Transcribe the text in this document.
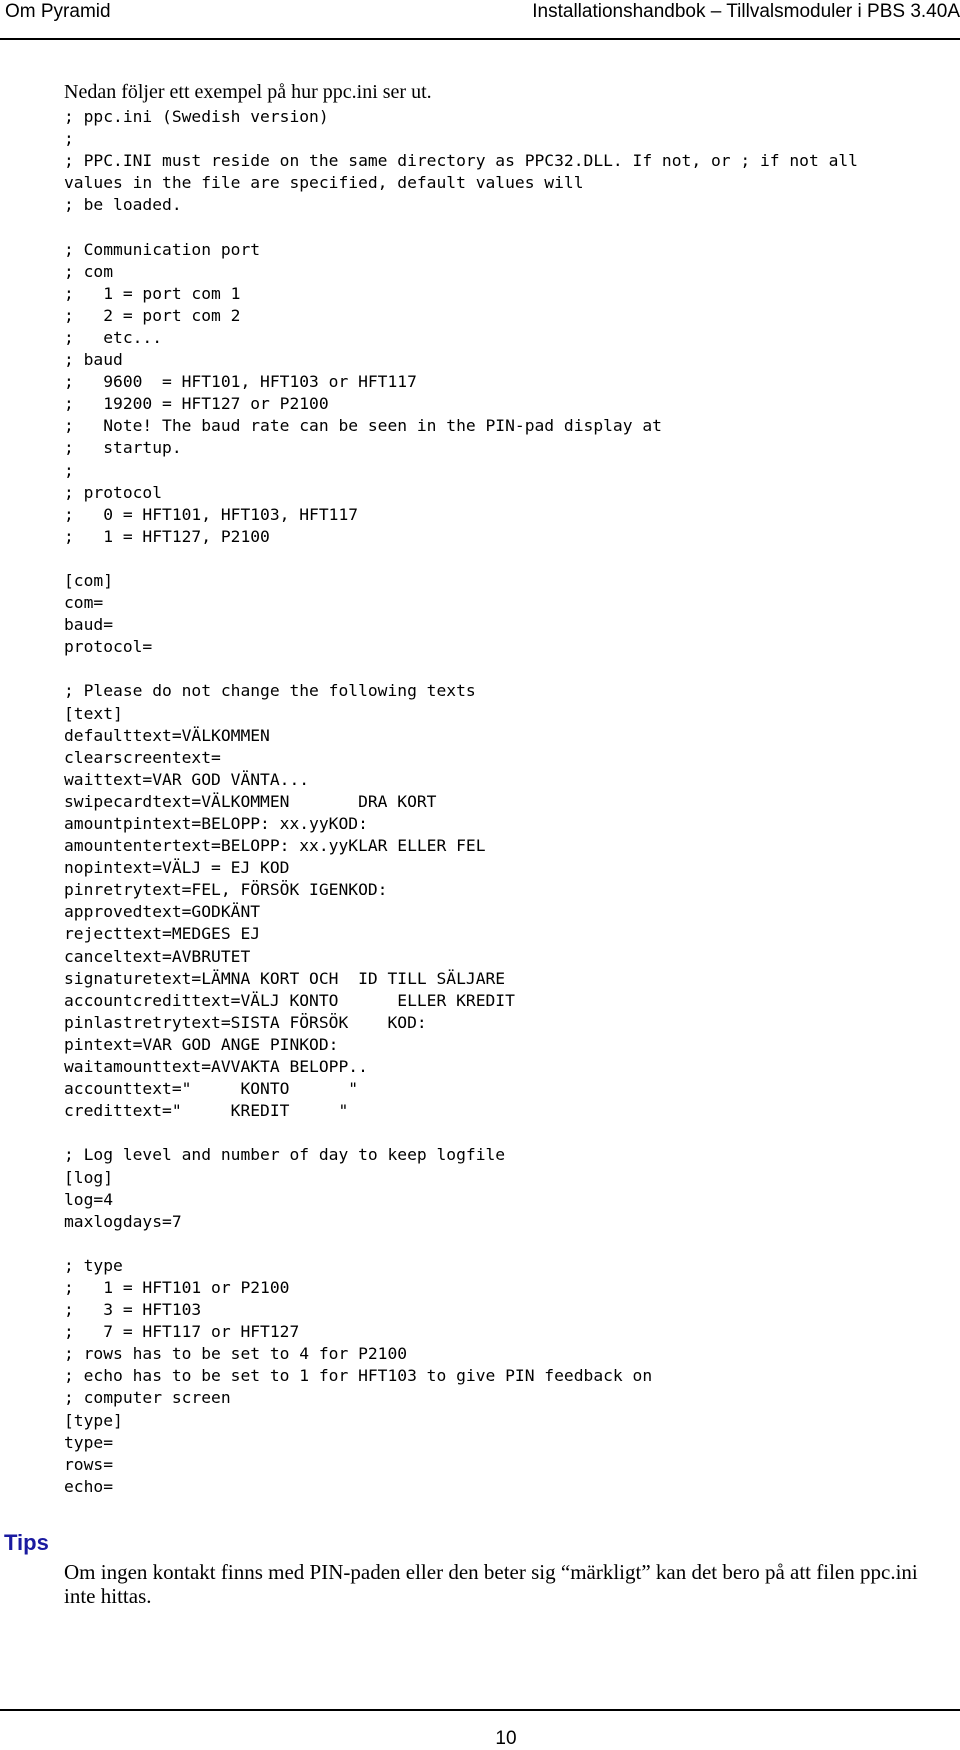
Om Pyramid	Installationshandbok – Tillvalsmoduler i PBS 3.40A

Nedan följer ett exempel på hur ppc.ini ser ut.

; ppc.ini (Swedish version)
;
; PPC.INI must reside on the same directory as PPC32.DLL. If not, or ; if not all
values in the file are specified, default values will
; be loaded.

; Communication port
; com
;   1 = port com 1
;   2 = port com 2
;   etc...
; baud
;   9600  = HFT101, HFT103 or HFT117
;   19200 = HFT127 or P2100
;   Note! The baud rate can be seen in the PIN-pad display at
;   startup.
;
; protocol
;   0 = HFT101, HFT103, HFT117
;   1 = HFT127, P2100

[com]
com=
baud=
protocol=

; Please do not change the following texts
[text]
defaulttext=VÄLKOMMEN
clearscreentext=
waittext=VAR GOD VÄNTA...
swipecardtext=VÄLKOMMEN       DRA KORT
amountpintext=BELOPP: xx.yyKOD:
amountentertext=BELOPP: xx.yyKLAR ELLER FEL
nopintext=VÄLJ = EJ KOD
pinretrytext=FEL, FÖRSÖK IGENKOD:
approvedtext=GODKÄNT
rejecttext=MEDGES EJ
canceltext=AVBRUTET
signaturetext=LÄMNA KORT OCH  ID TILL SÄLJARE
accountcredittext=VÄLJ KONTO      ELLER KREDIT
pinlastretrytext=SISTA FÖRSÖK    KOD:
pintext=VAR GOD ANGE PINKOD:
waitamounttext=AVVAKTA BELOPP..
accounttext="     KONTO      "
credittext="     KREDIT     "

; Log level and number of day to keep logfile
[log]
log=4
maxlogdays=7

; type
;   1 = HFT101 or P2100
;   3 = HFT103
;   7 = HFT117 or HFT127
; rows has to be set to 4 for P2100
; echo has to be set to 1 for HFT103 to give PIN feedback on
; computer screen
[type]
type=
rows=
echo=
Tips

Om ingen kontakt finns med PIN-paden eller den beter sig “märkligt” kan det bero på att filen ppc.ini inte hittas.

10
